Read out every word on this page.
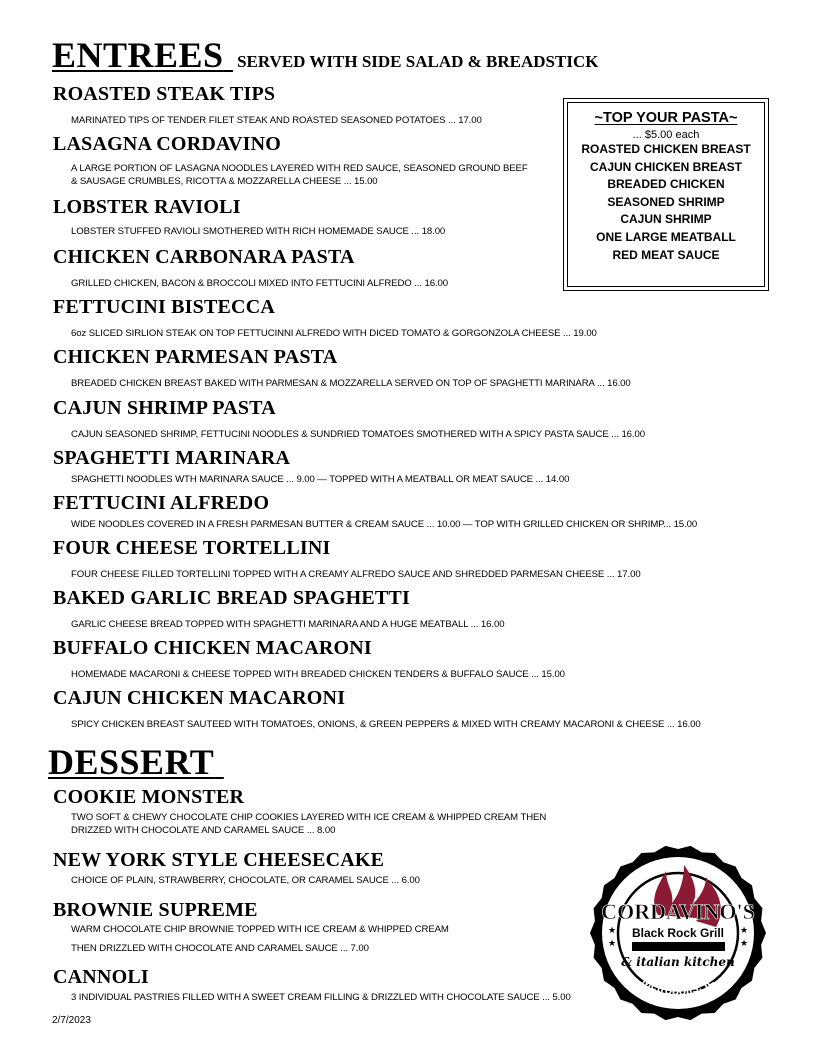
ENTREES SERVED WITH SIDE SALAD & BREADSTICK
ROASTED STEAK TIPS
MARINATED TIPS OF TENDER FILET STEAK AND ROASTED SEASONED POTATOES ... 17.00
LASAGNA CORDAVINO
A LARGE PORTION OF LASAGNA NOODLES LAYERED WITH RED SAUCE, SEASONED GROUND BEEF
& SAUSAGE CRUMBLES, RICOTTA & MOZZARELLA CHEESE ... 15.00
LOBSTER RAVIOLI
LOBSTER STUFFED RAVIOLI SMOTHERED WITH RICH HOMEMADE SAUCE ... 18.00
CHICKEN CARBONARA PASTA
GRILLED CHICKEN, BACON & BROCCOLI MIXED INTO FETTUCINI ALFREDO ... 16.00
FETTUCINI BISTECCA
6oz SLICED SIRLION STEAK ON TOP FETTUCINNI ALFREDO WITH DICED TOMATO & GORGONZOLA CHEESE ... 19.00
CHICKEN PARMESAN PASTA
BREADED CHICKEN BREAST BAKED WITH PARMESAN & MOZZARELLA SERVED ON TOP OF SPAGHETTI MARINARA ... 16.00
CAJUN SHRIMP PASTA
CAJUN SEASONED SHRIMP, FETTUCINI NOODLES & SUNDRIED TOMATOES SMOTHERED WITH A SPICY PASTA SAUCE ... 16.00
SPAGHETTI MARINARA
SPAGHETTI NOODLES WTH MARINARA SAUCE ... 9.00 — TOPPED WITH A MEATBALL OR MEAT SAUCE ... 14.00
FETTUCINI ALFREDO
WIDE NOODLES COVERED IN A FRESH PARMESAN BUTTER & CREAM SAUCE ... 10.00 — TOP WITH GRILLED CHICKEN OR SHRIMP... 15.00
FOUR CHEESE TORTELLINI
FOUR CHEESE FILLED TORTELLINI TOPPED WITH A CREAMY ALFREDO SAUCE AND SHREDDED PARMESAN CHEESE ... 17.00
BAKED GARLIC BREAD SPAGHETTI
GARLIC CHEESE BREAD TOPPED WITH SPAGHETTI MARINARA AND A HUGE MEATBALL ... 16.00
BUFFALO CHICKEN MACARONI
HOMEMADE MACARONI & CHEESE TOPPED WITH BREADED CHICKEN TENDERS & BUFFALO SAUCE ... 15.00
CAJUN CHICKEN MACARONI
SPICY CHICKEN BREAST SAUTEED WITH TOMATOES, ONIONS, & GREEN PEPPERS & MIXED WITH CREAMY MACARONI & CHEESE ... 16.00
~TOP YOUR PASTA~
... $5.00 each
ROASTED CHICKEN BREAST
CAJUN CHICKEN BREAST
BREADED CHICKEN
SEASONED SHRIMP
CAJUN SHRIMP
ONE LARGE MEATBALL
RED MEAT SAUCE
DESSERT
COOKIE MONSTER
TWO SOFT & CHEWY CHOCOLATE CHIP COOKIES LAYERED WITH ICE CREAM & WHIPPED CREAM THEN
DRIZZED WITH CHOCOLATE AND CARAMEL SAUCE ... 8.00
NEW YORK STYLE CHEESECAKE
CHOICE OF PLAIN, STRAWBERRY, CHOCOLATE, OR CARAMEL SAUCE ... 6.00
BROWNIE SUPREME
WARM CHOCOLATE CHIP BROWNIE TOPPED WITH ICE CREAM & WHIPPED CREAM
THEN DRIZZLED WITH CHOCOLATE AND CARAMEL SAUCE ... 7.00
CANNOLI
3 INDIVIDUAL PASTRIES FILLED WITH A SWEET CREAM FILLING & DRIZZLED WITH CHOCOLATE SAUCE ... 5.00
CORDAVINO'S
Black Rock Grill
& italian kitchen
★
★
★
★
Metropolis, IL
2/7/2023
